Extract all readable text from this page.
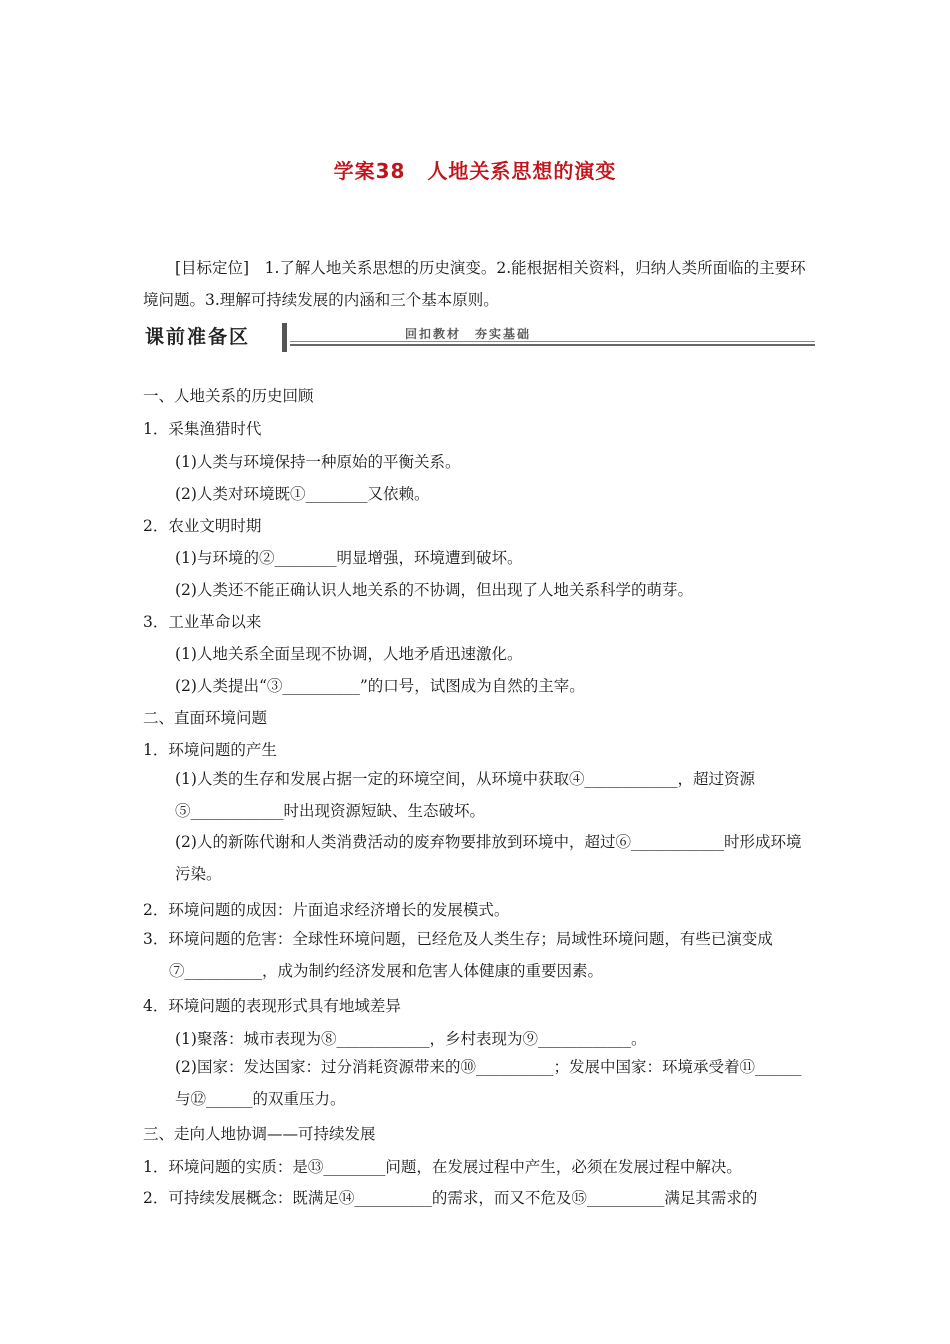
学案38 人地关系思想的演变
[目标定位]　1.了解人地关系思想的历史演变。2.能根据相关资料，归纳人类所面临的主要环境问题。3.理解可持续发展的内涵和三个基本原则。
课前准备区	回扣教材 夯实基础
一、人地关系的历史回顾
1．采集渔猎时代
(1)人类与环境保持一种原始的平衡关系。
(2)人类对环境既①________又依赖。
2．农业文明时期
(1)与环境的②________明显增强，环境遭到破坏。
(2)人类还不能正确认识人地关系的不协调，但出现了人地关系科学的萌芽。
3．工业革命以来
(1)人地关系全面呈现不协调，人地矛盾迅速激化。
(2)人类提出“③__________”的口号，试图成为自然的主宰。
二、直面环境问题
1．环境问题的产生
(1)人类的生存和发展占据一定的环境空间，从环境中获取④____________，超过资源⑤____________时出现资源短缺、生态破坏。
(2)人的新陈代谢和人类消费活动的废弃物要排放到环境中，超过⑥____________时形成环境污染。
2．环境问题的成因：片面追求经济增长的发展模式。
3．环境问题的危害：全球性环境问题，已经危及人类生存；局域性环境问题，有些已演变成⑦__________，成为制约经济发展和危害人体健康的重要因素。
4．环境问题的表现形式具有地域差异
(1)聚落：城市表现为⑧____________，乡村表现为⑨____________。
(2)国家：发达国家：过分消耗资源带来的⑩__________；发展中国家：环境承受着⑪______与⑫______的双重压力。
三、走向人地协调——可持续发展
1．环境问题的实质：是⑬________问题，在发展过程中产生，必须在发展过程中解决。
2．可持续发展概念：既满足⑭__________的需求，而又不危及⑮__________满足其需求的
